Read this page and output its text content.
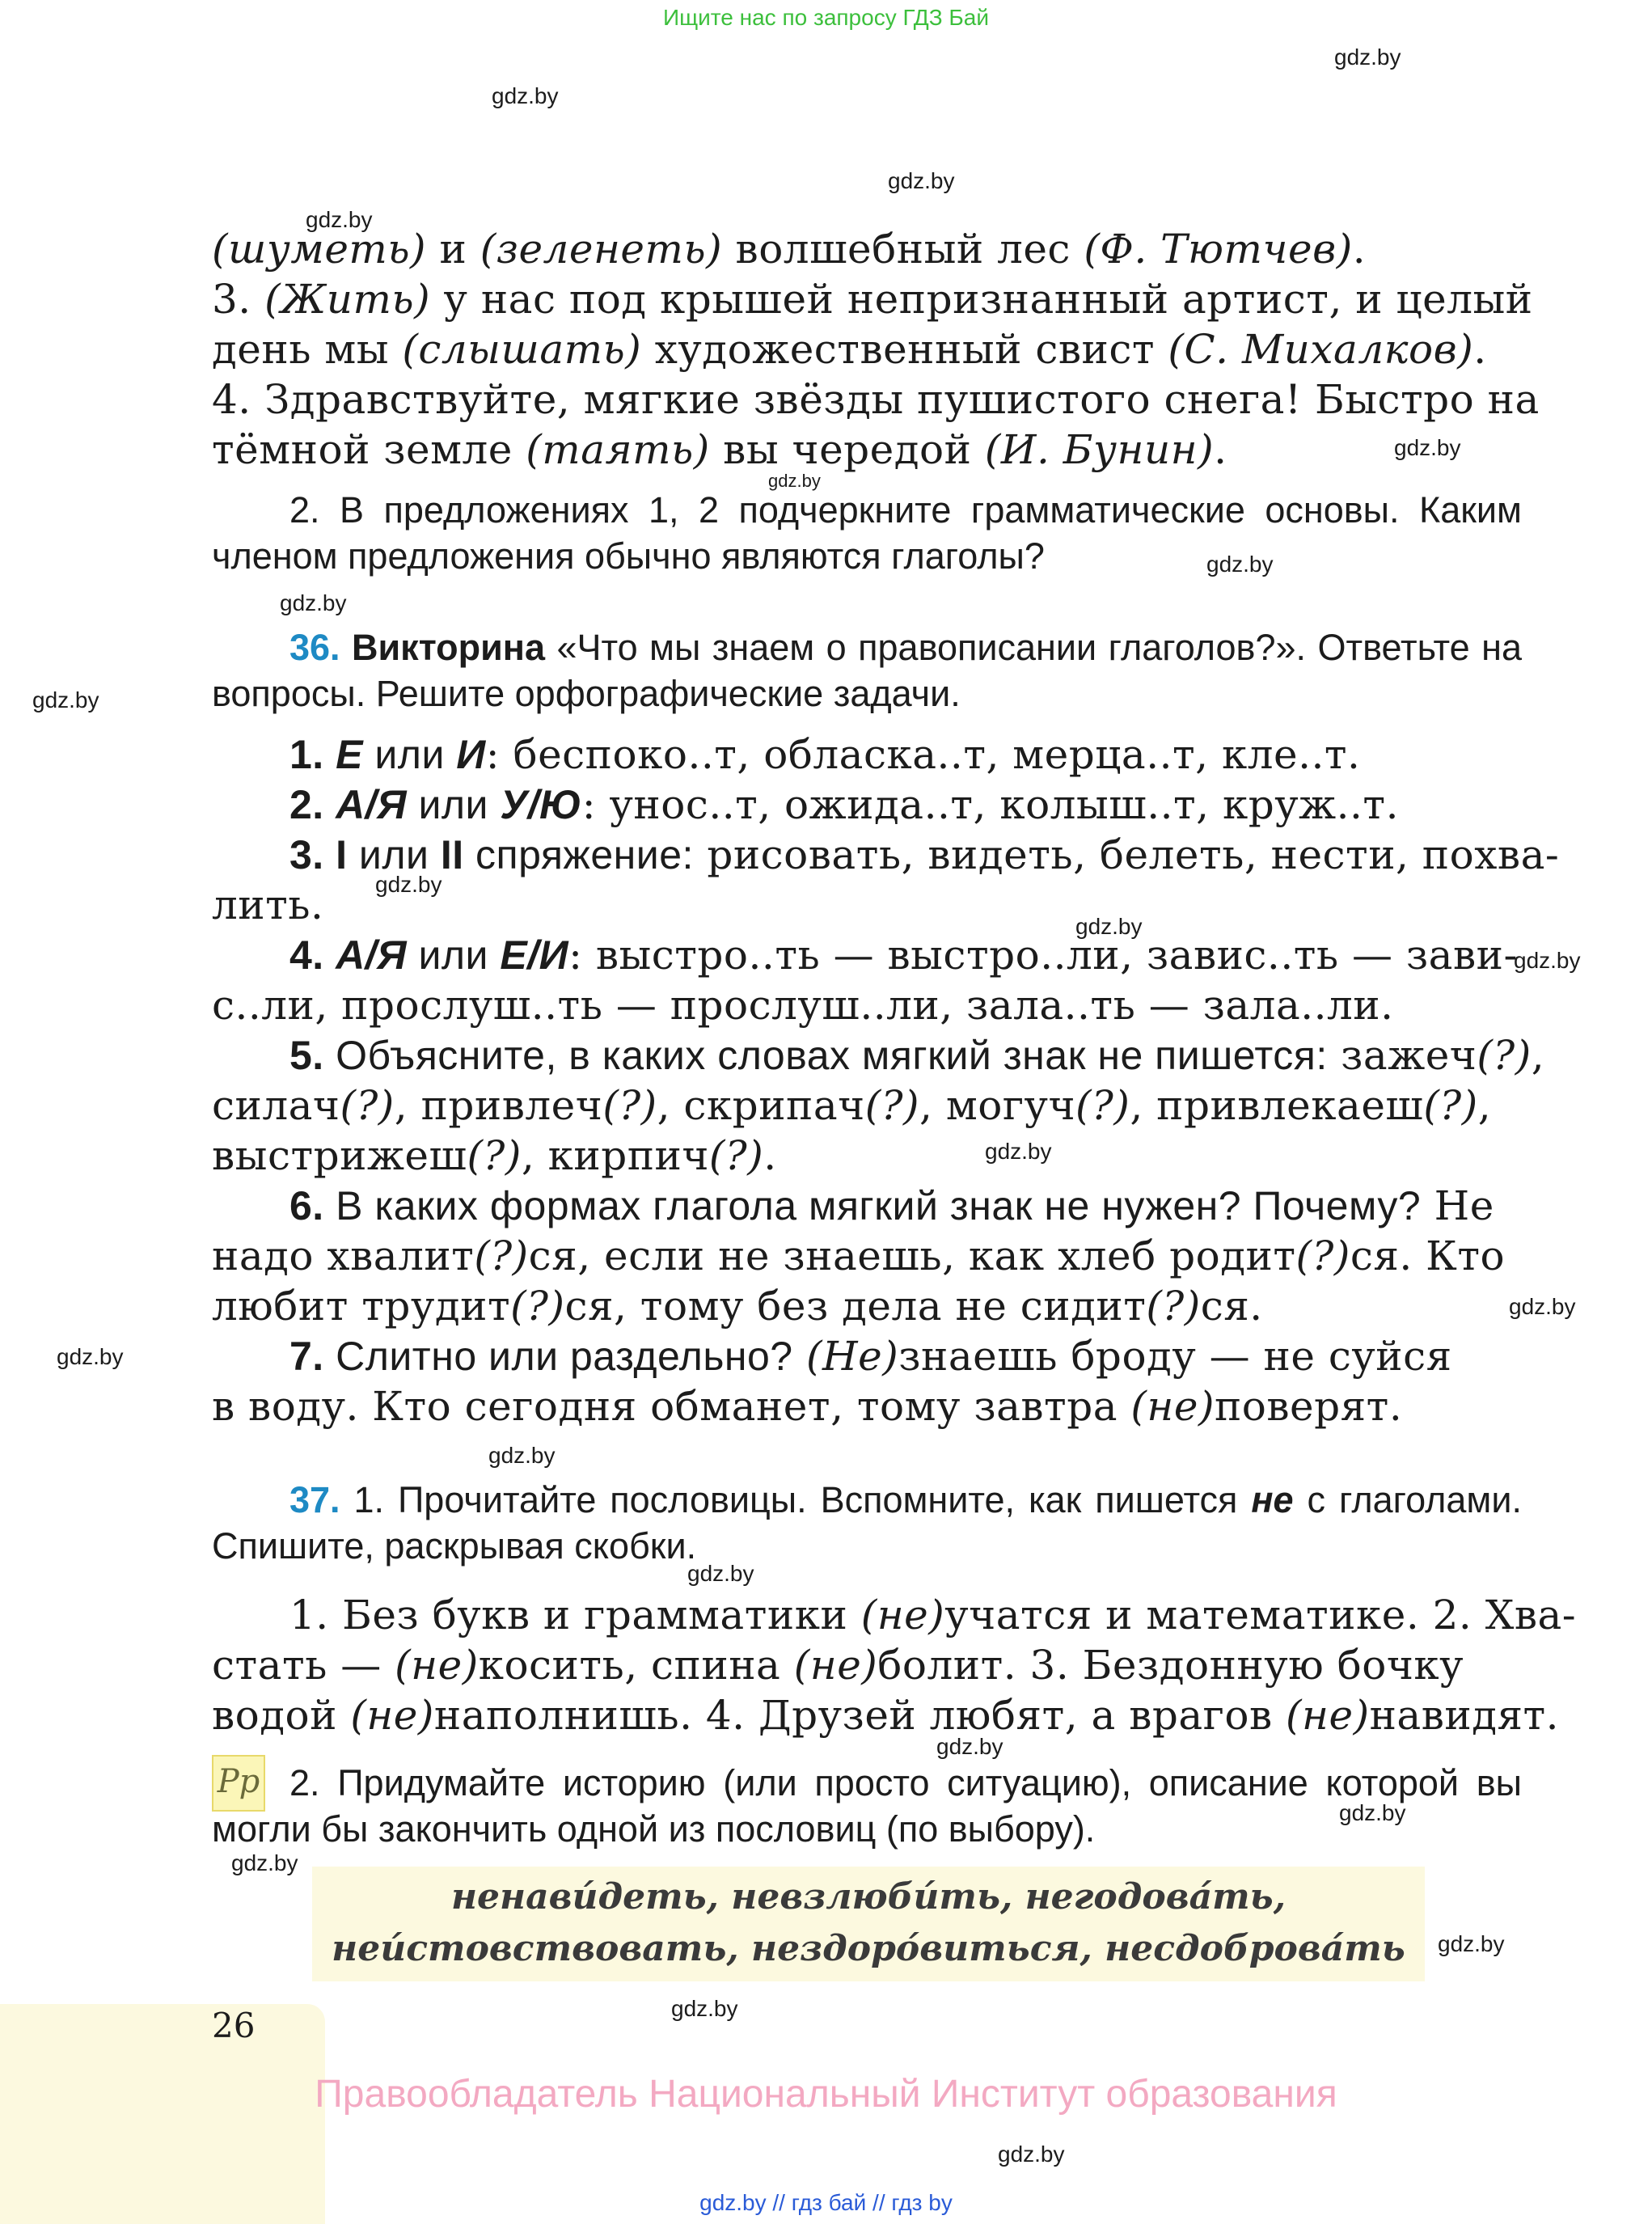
Ищите нас по запросу ГДЗ Бай
gdz.by
gdz.by
gdz.by
gdz.by
gdz.by
gdz.by
gdz.by
gdz.by
gdz.by
gdz.by
gdz.by
gdz.by
gdz.by
gdz.by
gdz.by
gdz.by
gdz.by
gdz.by
gdz.by
gdz.by
gdz.by
gdz.by
gdz.by
(шуметь) и (зеленеть) волшебный лес (Ф. Тютчев).
3. (Жить) у нас под крышей непризнанный артист, и целый
день мы (слышать) художественный свист (С. Михалков).
4. Здравствуйте, мягкие звёзды пушистого снега! Быстро на
тёмной земле (таять) вы чередой (И. Бунин).
2. В предложениях 1, 2 подчеркните грамматические основы. Каким членом предложения обычно являются глаголы?
36. Викторина «Что мы знаем о правописании глаголов?». Ответьте на вопросы. Решите орфографические задачи.
1. Е или И: беспоко..т, обласка..т, мерца..т, кле..т.
2. А/Я или У/Ю: унос..т, ожида..т, колыш..т, круж..т.
3. I или II спряжение: рисовать, видеть, белеть, нести, похва-
лить.
4. А/Я или Е/И: выстро..ть — выстро..ли, завис..ть — зави-
с..ли, прослуш..ть — прослуш..ли, зала..ть — зала..ли.
5. Объясните, в каких словах мягкий знак не пишется: зажеч(?),
силач(?), привлеч(?), скрипач(?), могуч(?), привлекаеш(?),
выстрижеш(?), кирпич(?).
6. В каких формах глагола мягкий знак не нужен? Почему? Не
надо хвалит(?)ся, если не знаешь, как хлеб родит(?)ся. Кто
любит трудит(?)ся, тому без дела не сидит(?)ся.
7. Слитно или раздельно? (Не)знаешь броду — не суйся
в воду. Кто сегодня обманет, тому завтра (не)поверят.
37. 1. Прочитайте пословицы. Вспомните, как пишется не с глаголами. Спишите, раскрывая скобки.
1. Без букв и грамматики (не)учатся и математике. 2. Хва-
стать — (не)косить, спина (не)болит. 3. Бездонную бочку
водой (не)наполнишь. 4. Друзей любят, а врагов (не)навидят.
Рр 2. Придумайте историю (или просто ситуацию), описание которой вы могли бы закончить одной из пословиц (по выбору).
ненави́деть, невзлюби́ть, негодова́ть,
неи́стовствовать, нездоро́виться, несдоброва́ть
26
Правообладатель Национальный Институт образования
gdz.by // гдз бай // гдз by
